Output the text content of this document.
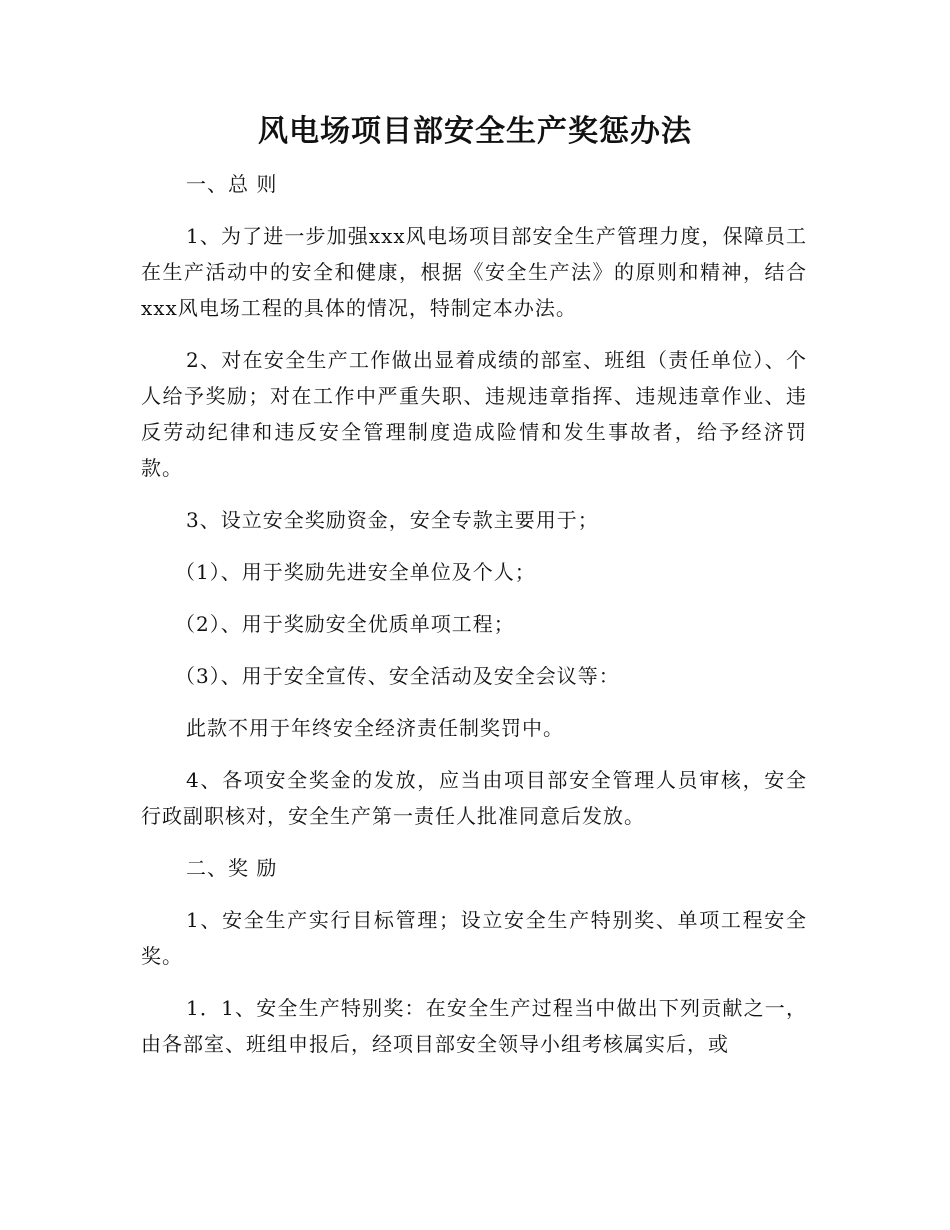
风电场项目部安全生产奖惩办法

一、总 则

1、为了进一步加强xxx风电场项目部安全生产管理力度，保障员工在生产活动中的安全和健康，根据《安全生产法》的原则和精神，结合xxx风电场工程的具体的情况，特制定本办法。

2、对在安全生产工作做出显着成绩的部室、班组（责任单位）、个人给予奖励；对在工作中严重失职、违规违章指挥、违规违章作业、违反劳动纪律和违反安全管理制度造成险情和发生事故者，给予经济罚款。

3、设立安全奖励资金，安全专款主要用于；

（1）、用于奖励先进安全单位及个人；

（2）、用于奖励安全优质单项工程；

（3）、用于安全宣传、安全活动及安全会议等：

此款不用于年终安全经济责任制奖罚中。

4、各项安全奖金的发放，应当由项目部安全管理人员审核，安全行政副职核对，安全生产第一责任人批准同意后发放。

二、奖 励

1、安全生产实行目标管理；设立安全生产特别奖、单项工程安全奖。

1．1、安全生产特别奖：在安全生产过程当中做出下列贡献之一，由各部室、班组申报后，经项目部安全领导小组考核属实后，或
